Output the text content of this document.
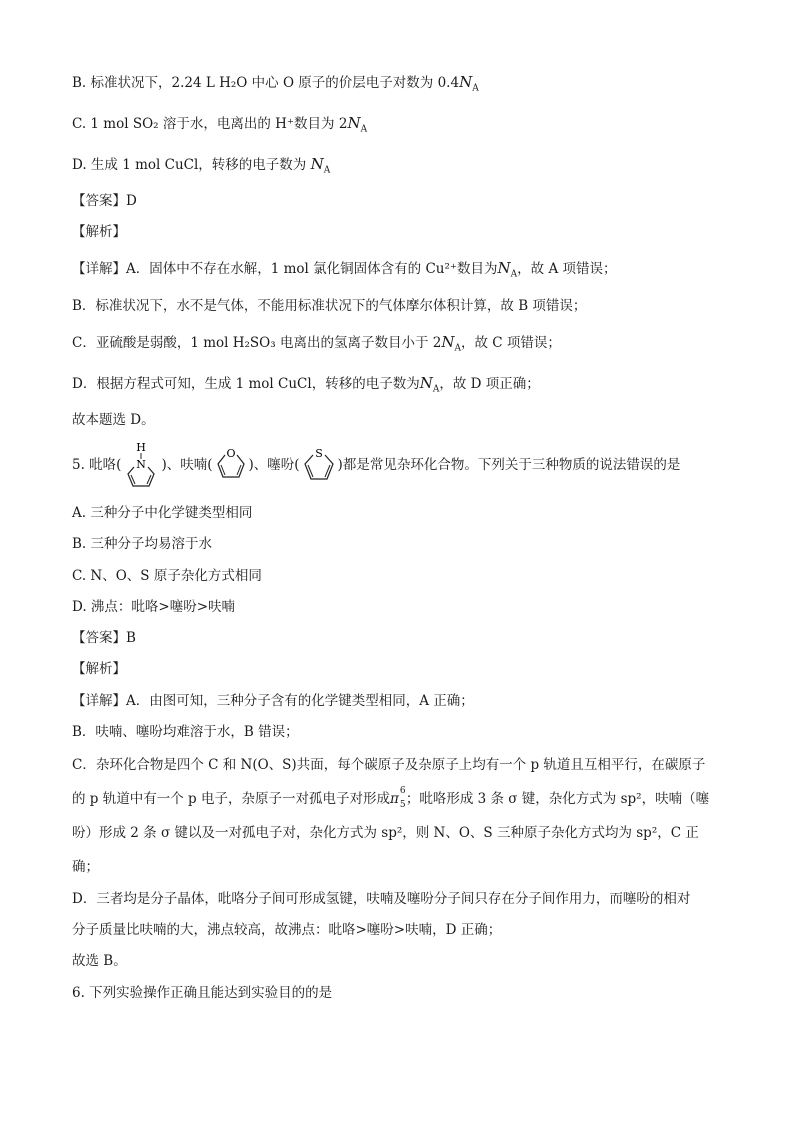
B. 标准状况下，2.24 L H₂O 中心 O 原子的价层电子对数为 $0.4N_A$
C. 1 mol SO₂ 溶于水，电离出的 H⁺数目为 $2N_A$
D. 生成 1 mol CuCl，转移的电子数为 $N_A$
【答案】D
【解析】
【详解】A．固体中不存在水解，1 mol 氯化铜固体含有的 Cu²⁺数目为$N_A$，故 A 项错误；
B．标准状况下，水不是气体，不能用标准状况下的气体摩尔体积计算，故 B 项错误；
C．亚硫酸是弱酸，1 mol H₂SO₃ 电离出的氢离子数目小于 $2N_A$，故 C 项错误；
D．根据方程式可知，生成 1 mol CuCl，转移的电子数为$N_A$，故 D 项正确；
故本题选 D。
5. 吡咯(
H
N )、呋喃(
O
)、噻吩(
S
)都是常见杂环化合物。下列关于三种物质的说法错误的是
A. 三种分子中化学键类型相同
B. 三种分子均易溶于水
C. N、O、S 原子杂化方式相同
D. 沸点：吡咯>噻吩>呋喃
【答案】B
【解析】
【详解】A．由图可知，三种分子含有的化学键类型相同，A 正确；
B．呋喃、噻吩均难溶于水，B 错误；
C．杂环化合物是四个 C 和 N(O、S)共面，每个碳原子及杂原子上均有一个 p 轨道且互相平行，在碳原子
的 p 轨道中有一个 p 电子，杂原子一对孤电子对形成π 6
5 ；吡咯形成 3 条 σ 键，杂化方式为 sp²，呋喃（噻
吩）形成 2 条 σ 键以及一对孤电子对，杂化方式为 sp²，则 N、O、S 三种原子杂化方式均为 sp²，C 正
确；
D．三者均是分子晶体，吡咯分子间可形成氢键，呋喃及噻吩分子间只存在分子间作用力，而噻吩的相对
分子质量比呋喃的大，沸点较高，故沸点：吡咯>噻吩>呋喃，D 正确；
故选 B。
6. 下列实验操作正确且能达到实验目的的是
